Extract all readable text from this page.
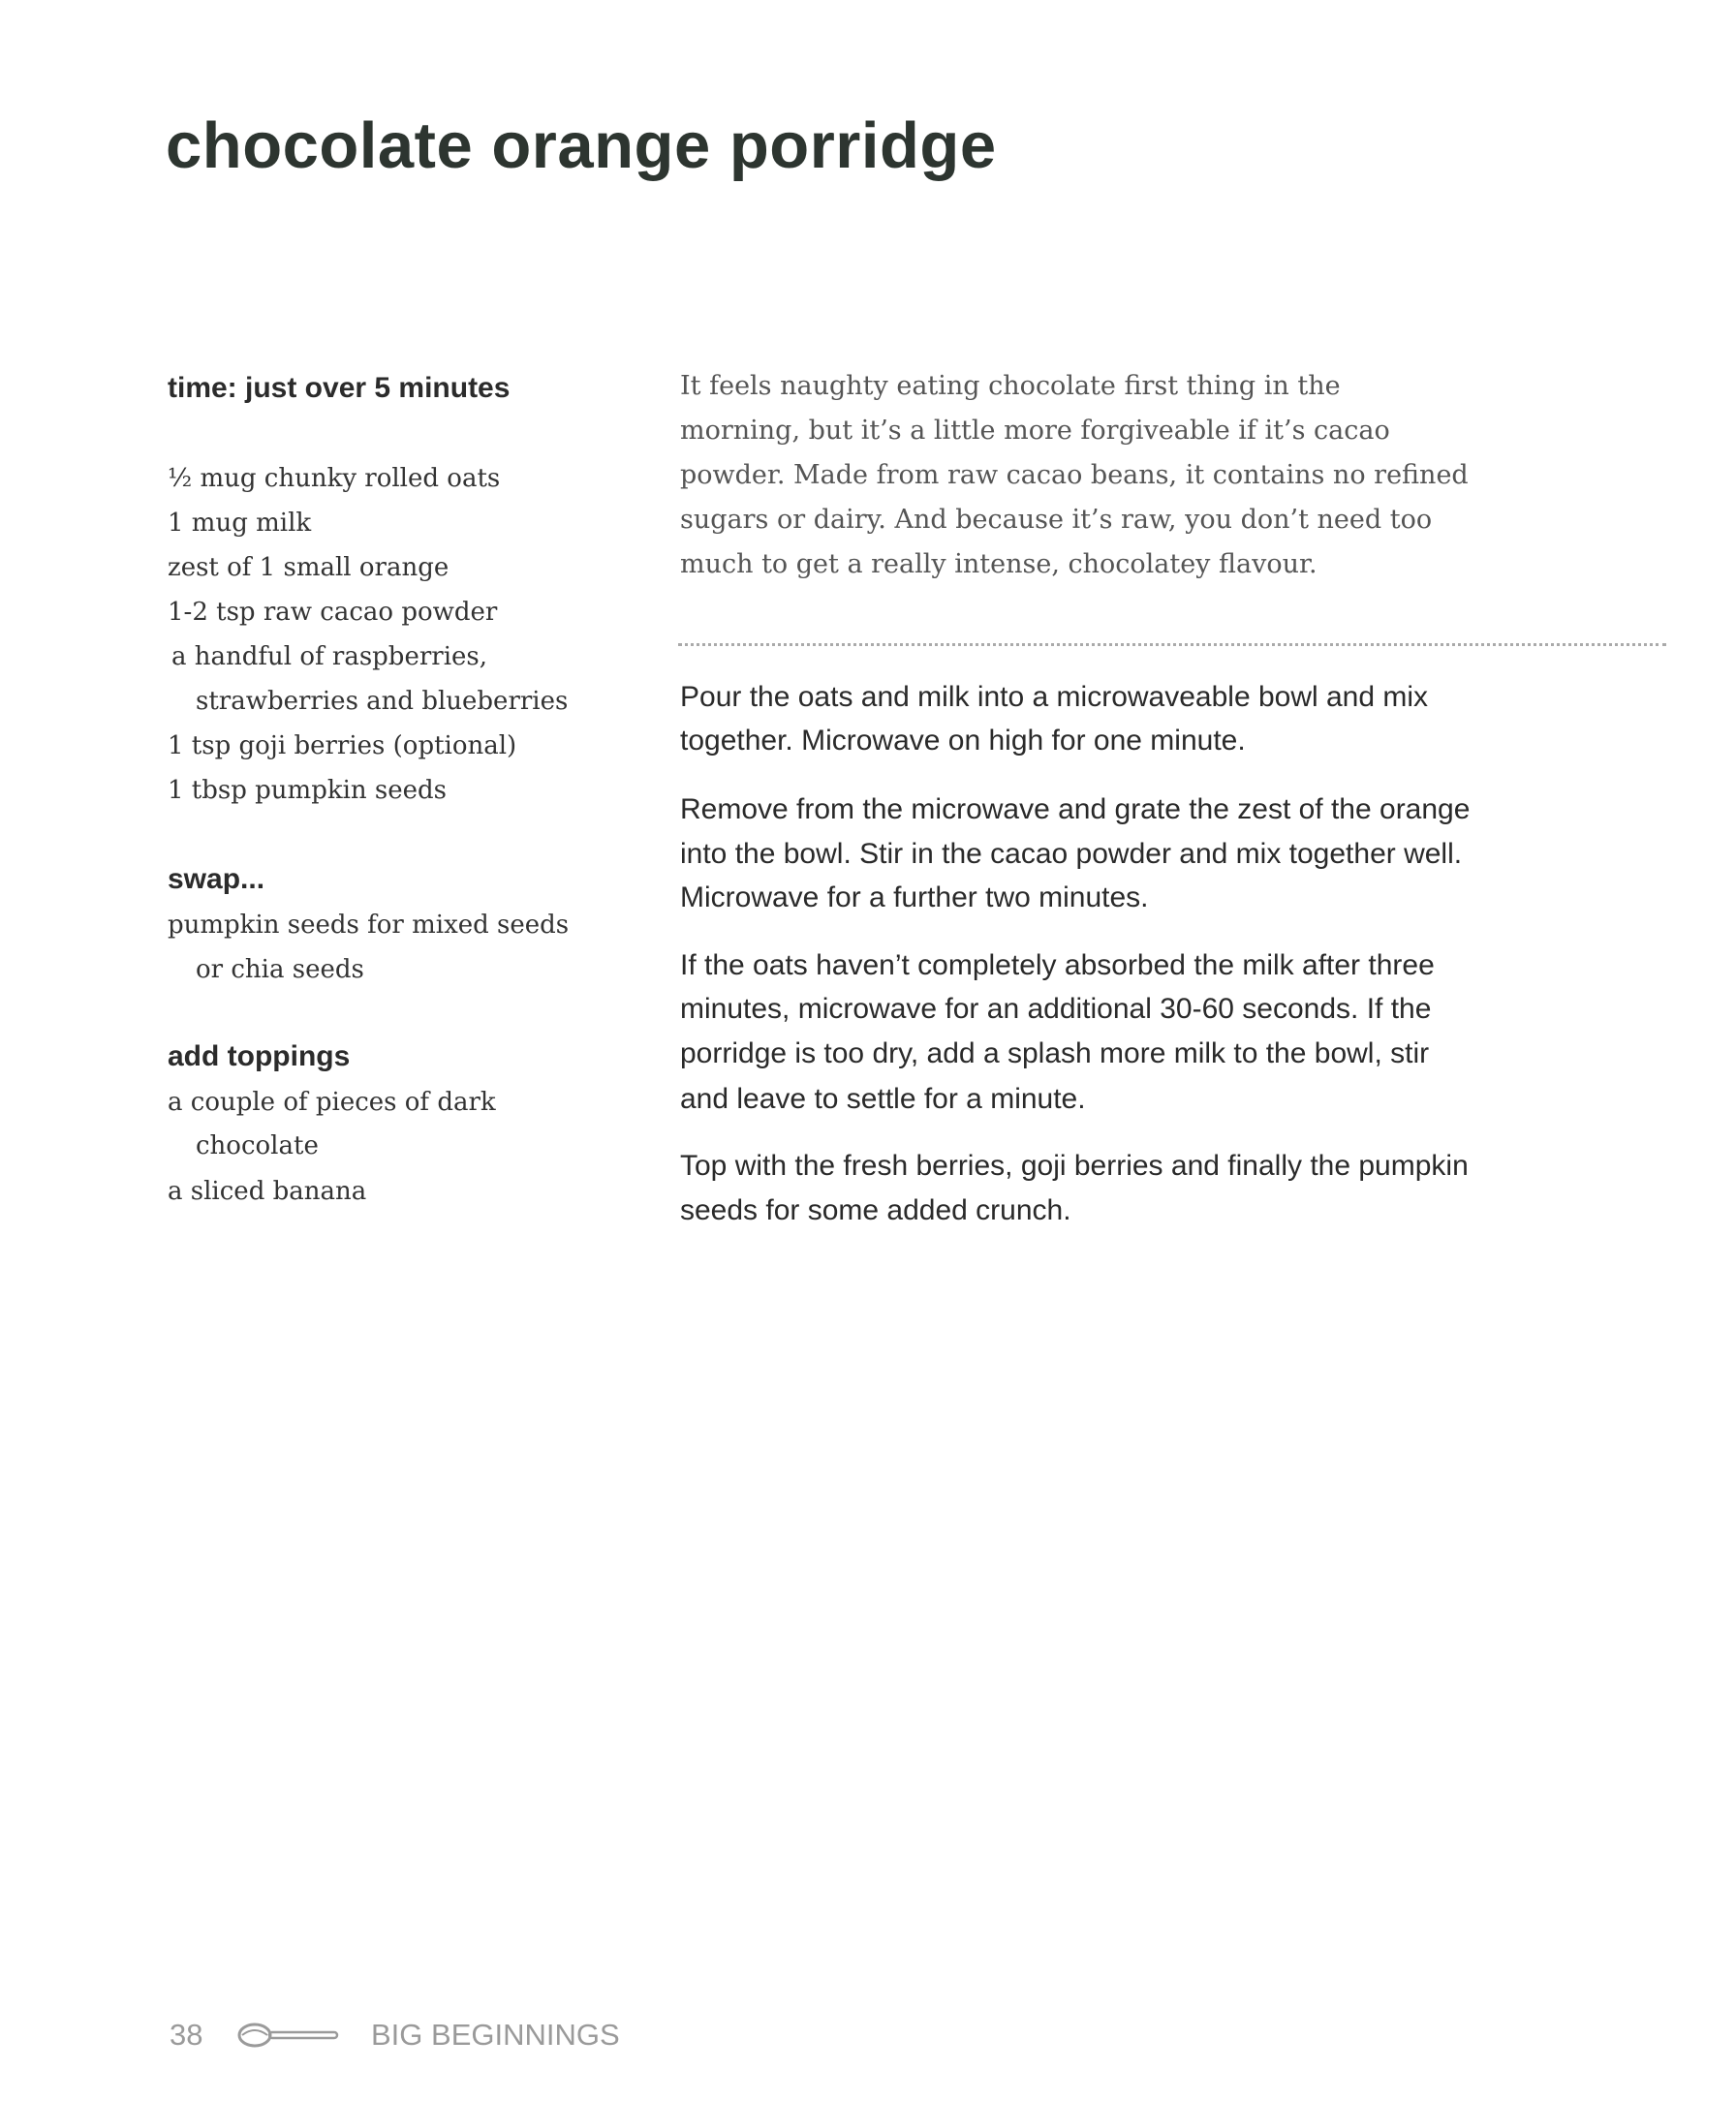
chocolate orange porridge
time: just over 5 minutes
½ mug chunky rolled oats
1 mug milk
zest of 1 small orange
1-2 tsp raw cacao powder
a handful of raspberries,
strawberries and blueberries
1 tsp goji berries (optional)
1 tbsp pumpkin seeds
swap...
pumpkin seeds for mixed seeds
or chia seeds
add toppings
a couple of pieces of dark
chocolate
a sliced banana
It feels naughty eating chocolate first thing in the
morning, but it’s a little more forgiveable if it’s cacao
powder. Made from raw cacao beans, it contains no refined
sugars or dairy. And because it’s raw, you don’t need too
much to get a really intense, chocolatey flavour.
Pour the oats and milk into a microwaveable bowl and mix
together. Microwave on high for one minute.
Remove from the microwave and grate the zest of the orange
into the bowl. Stir in the cacao powder and mix together well.
Microwave for a further two minutes.
If the oats haven’t completely absorbed the milk after three
minutes, microwave for an additional 30-60 seconds. If the
porridge is too dry, add a splash more milk to the bowl, stir
and leave to settle for a minute.
Top with the fresh berries, goji berries and finally the pumpkin
seeds for some added crunch.
38	BIG BEGINNINGS
